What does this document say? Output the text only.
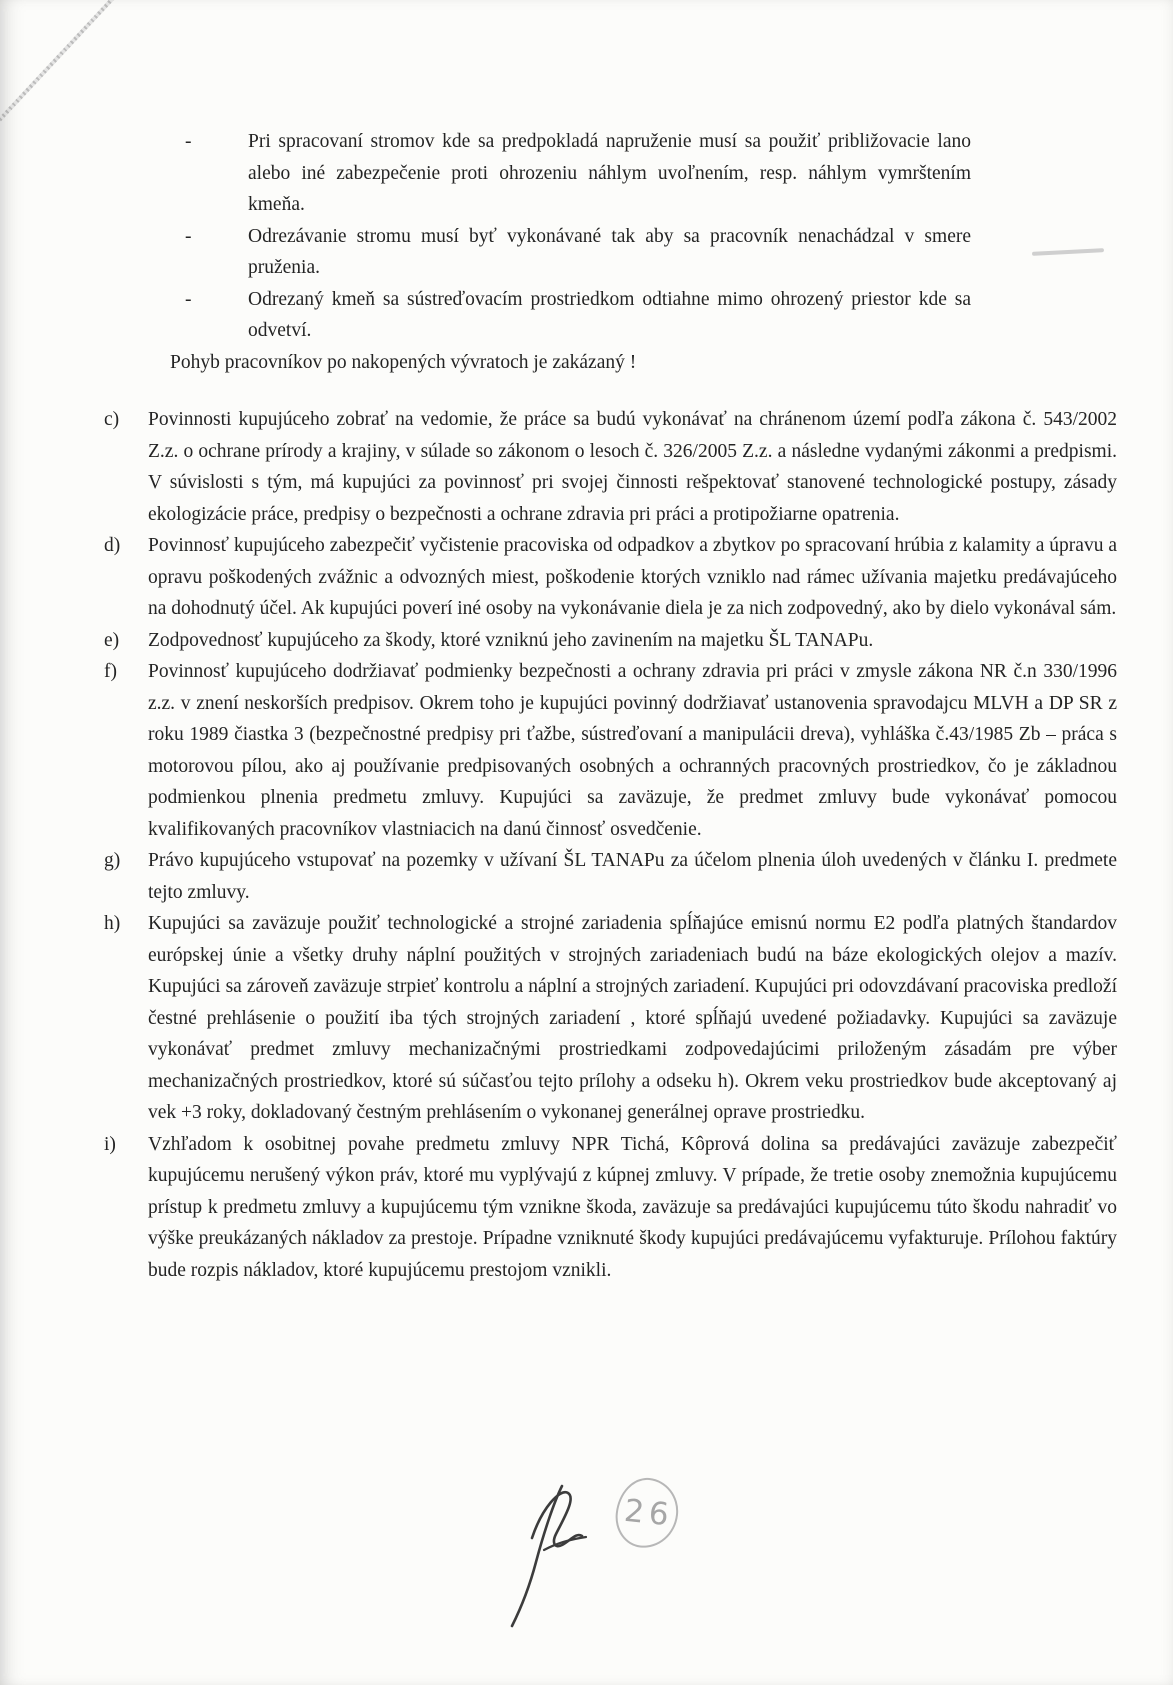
-	Pri spracovaní stromov kde sa predpokladá napruženie musí sa použiť približovacie lano alebo iné zabezpečenie proti ohrozeniu náhlym uvoľnením, resp. náhlym vymrštením kmeňa.
-	Odrezávanie stromu musí byť vykonávané tak aby sa pracovník nenachádzal v smere pruženia.
-	Odrezaný kmeň sa sústreďovacím prostriedkom odtiahne mimo ohrozený priestor kde sa odvetví.
Pohyb pracovníkov po nakopených vývratoch je zakázaný !
c)	Povinnosti kupujúceho zobrať na vedomie, že práce sa budú vykonávať na chránenom území podľa zákona č. 543/2002 Z.z. o ochrane prírody a krajiny, v súlade so zákonom o lesoch č. 326/2005 Z.z. a následne vydanými zákonmi a predpismi. V súvislosti s tým, má kupujúci za povinnosť pri svojej činnosti rešpektovať stanovené technologické postupy, zásady ekologizácie práce, predpisy o bezpečnosti a ochrane zdravia pri práci a protipožiarne opatrenia.
d)	Povinnosť kupujúceho zabezpečiť vyčistenie pracoviska od odpadkov a zbytkov po spracovaní hrúbia z kalamity a úpravu a opravu poškodených zvážnic a odvozných miest, poškodenie ktorých vzniklo nad rámec užívania majetku predávajúceho na dohodnutý účel. Ak kupujúci poverí iné osoby na vykonávanie diela je za nich zodpovedný, ako by dielo vykonával sám.
e)	Zodpovednosť kupujúceho za škody, ktoré vzniknú jeho zavinením na majetku ŠL TANAPu.
f)	Povinnosť kupujúceho dodržiavať podmienky bezpečnosti a ochrany zdravia pri práci v zmysle zákona NR č.n 330/1996 z.z. v znení neskorších predpisov. Okrem toho je kupujúci povinný dodržiavať ustanovenia spravodajcu MLVH a DP SR z roku 1989 čiastka 3 (bezpečnostné predpisy pri ťažbe, sústreďovaní a manipulácii dreva), vyhláška č.43/1985 Zb – práca s motorovou pílou, ako aj používanie predpisovaných osobných a ochranných pracovných prostriedkov, čo je základnou podmienkou plnenia predmetu zmluvy. Kupujúci sa zaväzuje, že predmet zmluvy bude vykonávať pomocou kvalifikovaných pracovníkov vlastniacich na danú činnosť osvedčenie.
g)	Právo kupujúceho vstupovať na pozemky v užívaní ŠL TANAPu za účelom plnenia úloh uvedených v článku I. predmete tejto zmluvy.
h)	Kupujúci sa zaväzuje použiť technologické a strojné zariadenia spĺňajúce emisnú normu E2 podľa platných štandardov európskej únie a všetky druhy náplní použitých v strojných zariadeniach budú na báze ekologických olejov a mazív. Kupujúci sa zároveň zaväzuje strpieť kontrolu a náplní a strojných zariadení. Kupujúci pri odovzdávaní pracoviska predloží čestné prehlásenie o použití iba tých strojných zariadení , ktoré spĺňajú uvedené požiadavky. Kupujúci sa zaväzuje vykonávať predmet zmluvy mechanizačnými prostriedkami zodpovedajúcimi priloženým zásadám pre výber mechanizačných prostriedkov, ktoré sú súčasťou tejto prílohy a odseku h). Okrem veku prostriedkov bude akceptovaný aj vek +3 roky, dokladovaný čestným prehlásením o vykonanej generálnej oprave prostriedku.
i)	Vzhľadom k osobitnej povahe predmetu zmluvy NPR Tichá, Kôprová dolina sa predávajúci zaväzuje zabezpečiť kupujúcemu nerušený výkon práv, ktoré mu vyplývajú z kúpnej zmluvy. V prípade, že tretie osoby znemožnia kupujúcemu prístup k predmetu zmluvy a kupujúcemu tým vznikne škoda, zaväzuje sa predávajúci kupujúcemu túto škodu nahradiť vo výške preukázaných nákladov za prestoje. Prípadne vzniknuté škody kupujúci predávajúcemu vyfakturuje. Prílohou faktúry bude rozpis nákladov, ktoré kupujúcemu prestojom vznikli.
26
